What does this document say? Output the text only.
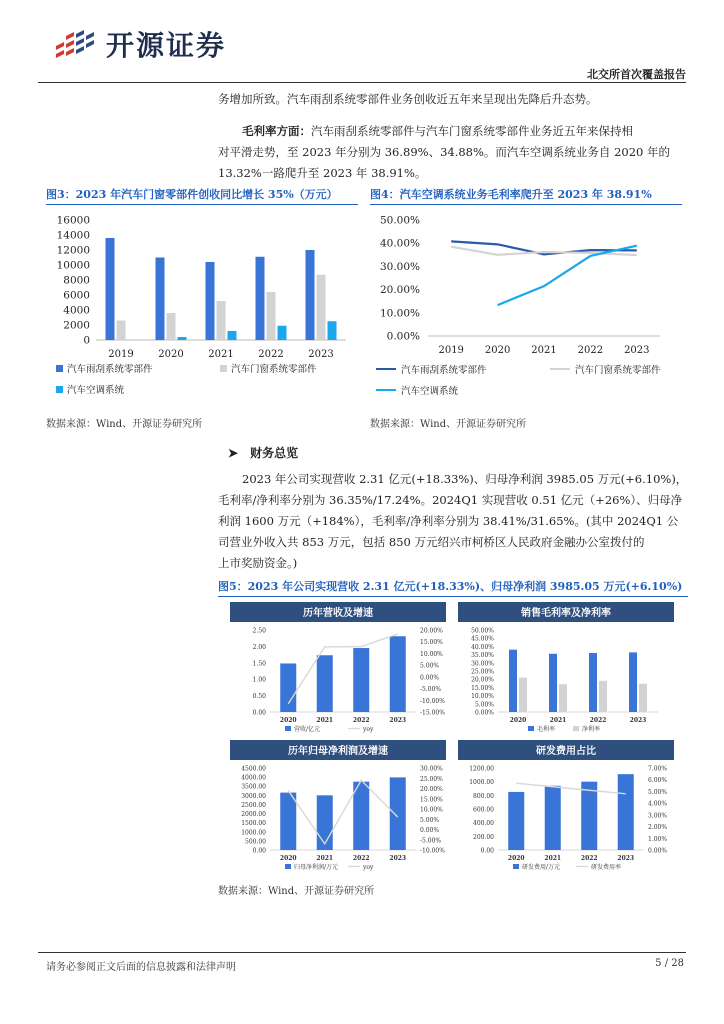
开源证券
北交所首次覆盖报告
务增加所致。汽车雨刮系统零部件业务创收近五年来呈现出先降后升态势。
毛利率方面：汽车雨刮系统零部件与汽车门窗系统零部件业务近五年来保持相
对平滑走势，至 2023 年分别为 36.89%、34.88%。而汽车空调系统业务自 2020 年的
13.32%一路爬升至 2023 年 38.91%。
图3：2023 年汽车门窗零部件创收同比增长 35%（万元）
0
2000
4000
6000
8000
10000
12000
14000
16000
2019 2020 2021 2022 2023
汽车雨刮系统零部件	汽车门窗系统零部件
汽车空调系统
数据来源：Wind、开源证券研究所
图4：汽车空调系统业务毛利率爬升至 2023 年 38.91%
0.00%
10.00%
20.00%
30.00%
40.00%
50.00%
2019 2020 2021 2022 2023
汽车雨刮系统零部件	汽车门窗系统零部件
汽车空调系统
数据来源：Wind、开源证券研究所
➤ 财务总览
2023 年公司实现营收 2.31 亿元(+18.33%)、归母净利润 3985.05 万元(+6.10%)，
毛利率/净利率分别为 36.35%/17.24%。2024Q1 实现营收 0.51 亿元（+26%）、归母净
利润 1600 万元（+184%），毛利率/净利率分别为 38.41%/31.65%。(其中 2024Q1 公
司营业外收入共 853 万元，包括 850 万元绍兴市柯桥区人民政府金融办公室拨付的
上市奖励资金。)
图5：2023 年公司实现营收 2.31 亿元(+18.33%)、归母净利润 3985.05 万元(+6.10%)
历年营收及增速
0.00
0.50
1.00
1.50
2.00
2.50
-15.00%
-10.00%
-5.00%
0.00%
5.00%
10.00%
15.00%
20.00%
2020	2021	2022	2023
营收/亿元	yoy
销售毛利率及净利率
0.00%
5.00%
10.00%
15.00%
20.00%
25.00%
30.00%
35.00%
40.00%
45.00%
50.00%
2020	2021	2022	2023
毛利率	净利率
历年归母净利润及增速
0.00
500.00
1000.00
1500.00
2000.00
2500.00
3000.00
3500.00
4000.00
4500.00
-10.00%
-5.00%
0.00%
5.00%
10.00%
15.00%
20.00%
25.00%
30.00%
2020	2021	2022	2023
归母净利润/万元	yoy
研发费用占比
0.00
200.00
400.00
600.00
800.00
1000.00
1200.00
0.00%
1.00%
2.00%
3.00%
4.00%
5.00%
6.00%
7.00%
2020	2021	2022	2023
研发费用/万元	研发费用率
数据来源：Wind、开源证券研究所
请务必参阅正文后面的信息披露和法律声明	5 / 28
